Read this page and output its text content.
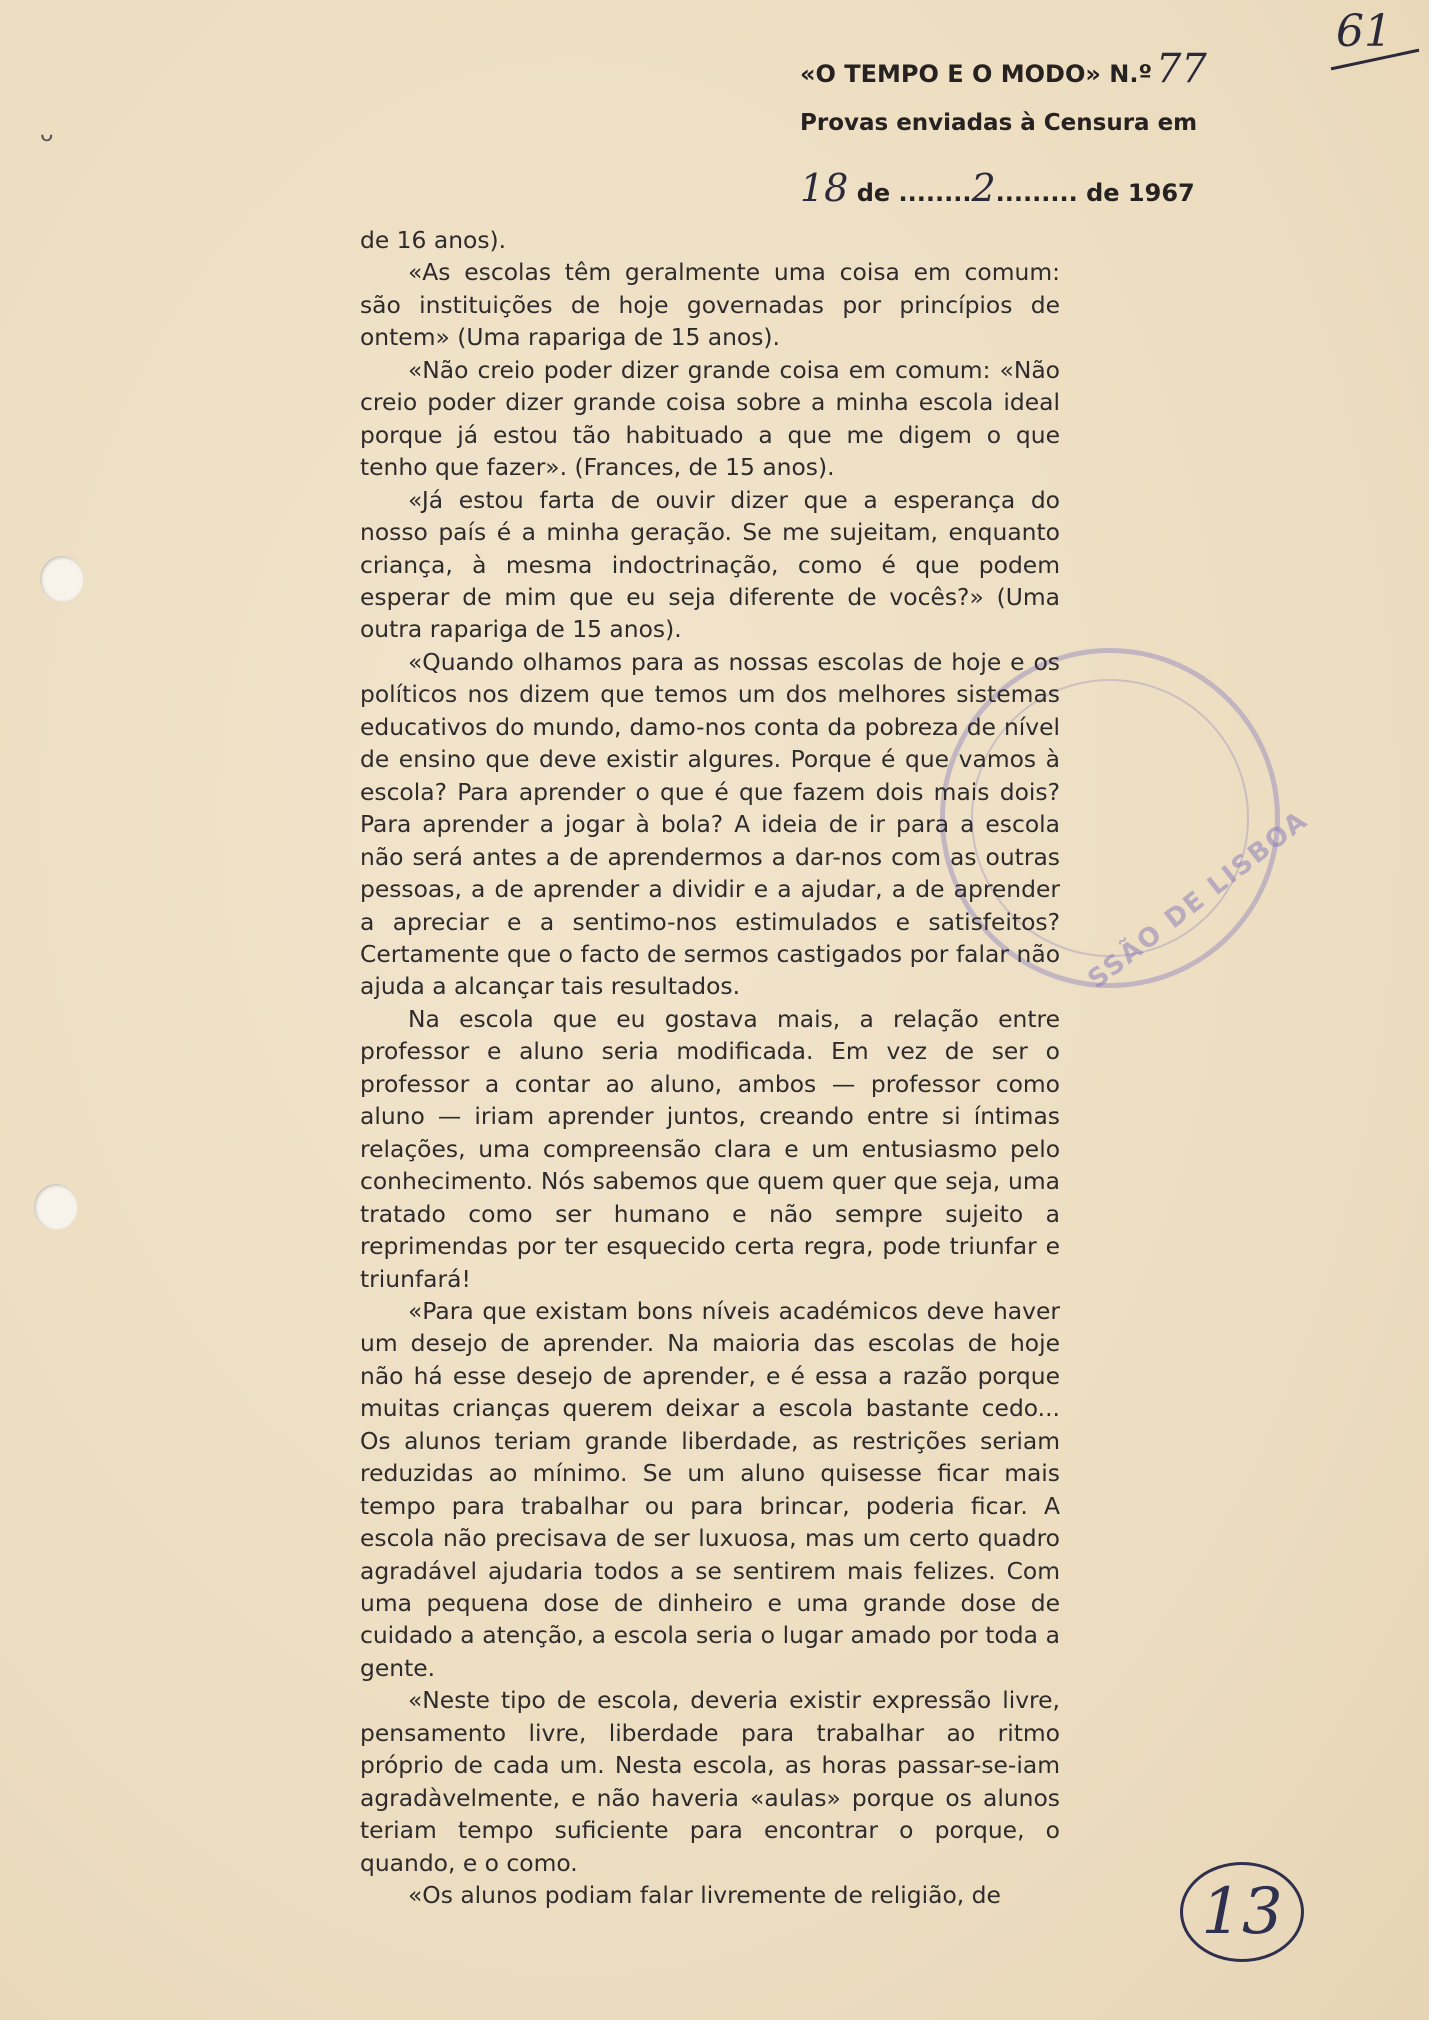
ᴗ
61
«O TEMPO E O MODO» N.º 77
Provas enviadas à Censura em
18 de ........2......... de 1967
SSÃO DE LISBOA

de 16 anos).

«As escolas têm geralmente uma coisa em comum: são instituições de hoje governadas por princípios de ontem» (Uma rapariga de 15 anos).

«Não creio poder dizer grande coisa em comum: «Não creio poder dizer grande coisa sobre a minha escola ideal porque já estou tão habituado a que me digem o que tenho que fazer». (Frances, de 15 anos).

«Já estou farta de ouvir dizer que a esperança do nosso país é a minha geração. Se me sujeitam, enquanto criança, à mesma indoctrinação, como é que podem esperar de mim que eu seja diferente de vocês?» (Uma outra rapariga de 15 anos).

«Quando olhamos para as nossas escolas de hoje e os políticos nos dizem que temos um dos melhores sistemas educativos do mundo, damo-nos conta da pobreza de nível de ensino que deve existir algures. Porque é que vamos à escola? Para aprender o que é que fazem dois mais dois? Para aprender a jogar à bola? A ideia de ir para a escola não será antes a de aprendermos a dar-nos com as outras pessoas, a de aprender a dividir e a ajudar, a de aprender a apreciar e a sentimo-nos estimulados e satisfeitos? Certamente que o facto de sermos castigados por falar não ajuda a alcançar tais resultados.

Na escola que eu gostava mais, a relação entre professor e aluno seria modificada. Em vez de ser o professor a contar ao aluno, ambos — professor como aluno — iriam aprender juntos, creando entre si íntimas relações, uma compreensão clara e um entusiasmo pelo conhecimento. Nós sabemos que quem quer que seja, uma tratado como ser humano e não sempre sujeito a reprimendas por ter esquecido certa regra, pode triunfar e triunfará!

«Para que existam bons níveis académicos deve haver um desejo de aprender. Na maioria das escolas de hoje não há esse desejo de aprender, e é essa a razão porque muitas crianças querem deixar a escola bastante cedo... Os alunos teriam grande liberdade, as restrições seriam reduzidas ao mínimo. Se um aluno quisesse ficar mais tempo para trabalhar ou para brincar, poderia ficar. A escola não precisava de ser luxuosa, mas um certo quadro agradável ajudaria todos a se sentirem mais felizes. Com uma pequena dose de dinheiro e uma grande dose de cuidado a atenção, a escola seria o lugar amado por toda a gente.

«Neste tipo de escola, deveria existir expressão livre, pensamento livre, liberdade para trabalhar ao ritmo próprio de cada um. Nesta escola, as horas passar-se-iam agradàvelmente, e não haveria «aulas» porque os alunos teriam tempo suficiente para encontrar o porque, o quando, e o como.

«Os alunos podiam falar livremente de religião, de	13
